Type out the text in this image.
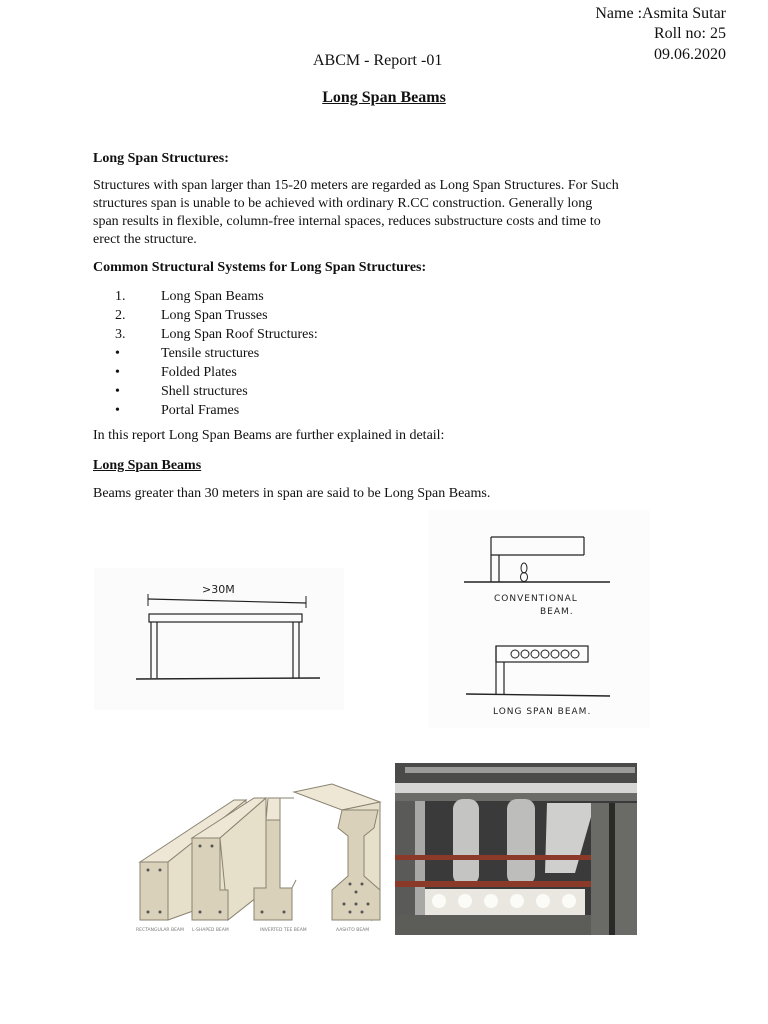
Name :Asmita Sutar
Roll no: 25
09.06.2020
ABCM - Report -01
Long Span Beams
Long Span Structures:
Structures with span larger than 15-20 meters are regarded as Long Span Structures. For Such
structures span is unable to be achieved with ordinary R.CC construction. Generally long
span results in flexible, column-free internal spaces, reduces substructure costs and time to
erect the structure.
Common Structural Systems for Long Span Structures:
1.	Long Span Beams
2.	Long Span Trusses
3.	Long Span Roof Structures:
•	Tensile structures
•	Folded Plates
•	Shell structures
•	Portal Frames
In this report Long Span Beams are further explained in detail:
Long Span Beams
Beams greater than 30 meters in span are said to be Long Span Beams.
>30M
CONVENTIONAL
BEAM.
LONG SPAN BEAM.
RECTANGULAR BEAM L-SHAPED BEAM	INVERTED TEE BEAM	AASHTO BEAM
